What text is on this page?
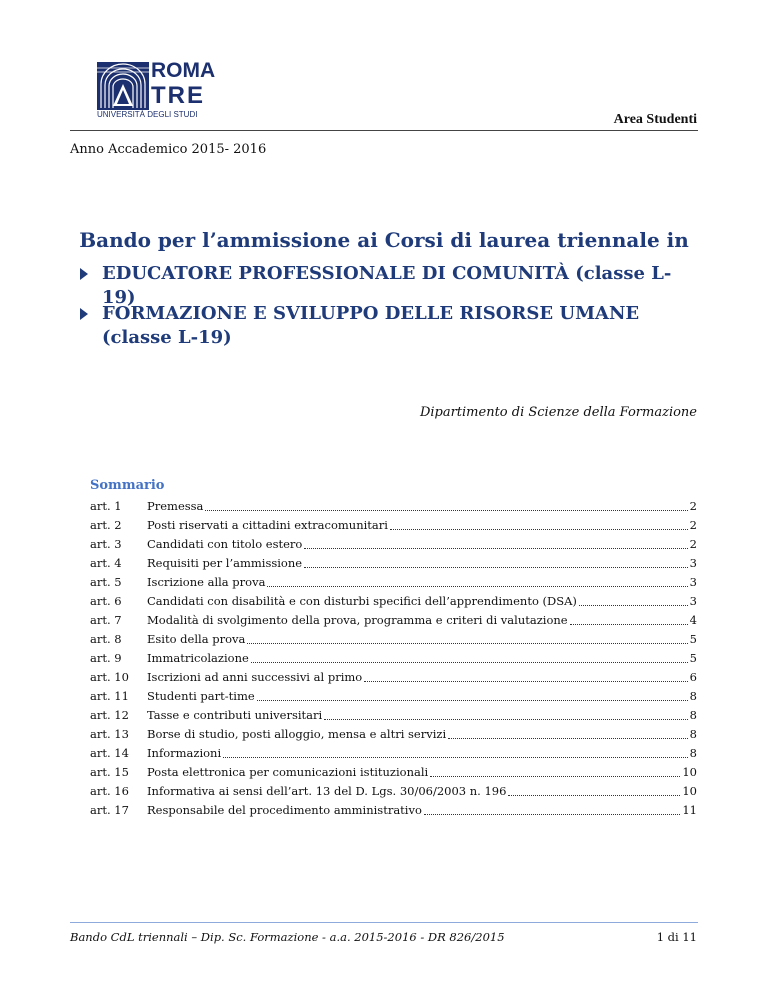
ROMA
TRE
UNIVERSITÀ DEGLI STUDI	Area Studenti
Anno Accademico 2015- 2016
Bando per l’ammissione ai Corsi di laurea triennale in
EDUCATORE PROFESSIONALE DI COMUNITÀ (classe L-19)
FORMAZIONE E SVILUPPO DELLE RISORSE UMANE (classe L-19)
Dipartimento di Scienze della Formazione
Sommario
art. 1	Premessa	2
art. 2	Posti riservati a cittadini extracomunitari	2
art. 3	Candidati con titolo estero	2
art. 4	Requisiti per l’ammissione	3
art. 5	Iscrizione alla prova	3
art. 6	Candidati con disabilità e con disturbi specifici dell’apprendimento (DSA)	3
art. 7	Modalità di svolgimento della prova, programma e criteri di valutazione	4
art. 8	Esito della prova	5
art. 9	Immatricolazione	5
art. 10	Iscrizioni ad anni successivi al primo	6
art. 11	Studenti part-time	8
art. 12	Tasse e contributi universitari	8
art. 13	Borse di studio, posti alloggio, mensa e altri servizi	8
art. 14	Informazioni	8
art. 15	Posta elettronica per comunicazioni istituzionali	10
art. 16	Informativa ai sensi dell’art. 13 del D. Lgs. 30/06/2003 n. 196	10
art. 17	Responsabile del procedimento amministrativo	11
Bando CdL triennali – Dip. Sc. Formazione - a.a. 2015-2016 - DR 826/2015	1 di 11
